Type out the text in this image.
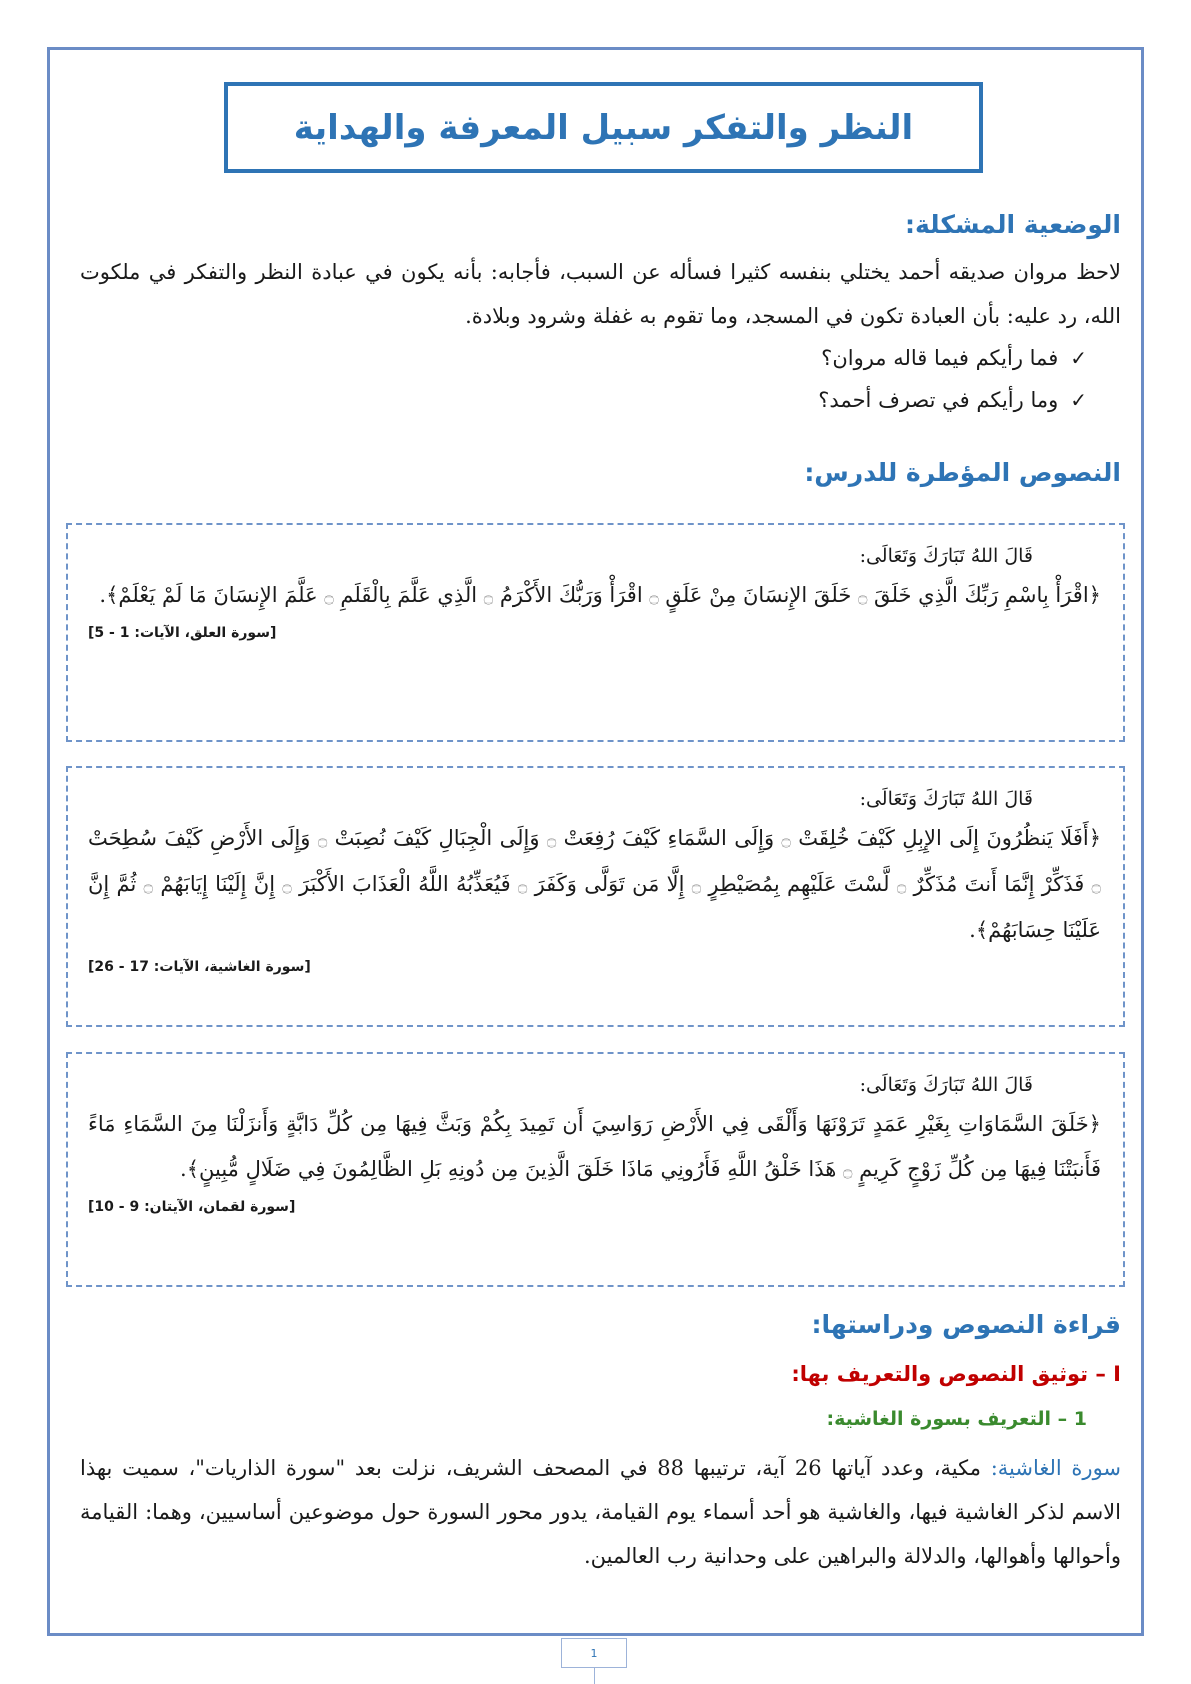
النظر والتفكر سبيل المعرفة والهداية
الوضعية المشكلة:
لاحظ مروان صديقه أحمد يختلي بنفسه كثيرا فسأله عن السبب، فأجابه: بأنه يكون في عبادة النظر والتفكر في ملكوت الله، رد عليه: بأن العبادة تكون في المسجد، وما تقوم به غفلة وشرود وبلادة.
✓
فما رأيكم فيما قاله مروان؟
✓
وما رأيكم في تصرف أحمد؟
النصوص المؤطرة للدرس:
قَالَ اللهُ تَبَارَكَ وَتَعَالَى:
﴿اقْرَأْ بِاسْمِ رَبِّكَ الَّذِي خَلَقَ ۝ خَلَقَ الإِنسَانَ مِنْ عَلَقٍ ۝ اقْرَأْ وَرَبُّكَ الأَكْرَمُ ۝ الَّذِي عَلَّمَ بِالْقَلَمِ ۝ عَلَّمَ الإِنسَانَ مَا لَمْ يَعْلَمْ﴾.
[سورة العلق، الآيات: 1 - 5]
قَالَ اللهُ تَبَارَكَ وَتَعَالَى:
﴿أَفَلَا يَنظُرُونَ إِلَى الإِبِلِ كَيْفَ خُلِقَتْ ۝ وَإِلَى السَّمَاءِ كَيْفَ رُفِعَتْ ۝ وَإِلَى الْجِبَالِ كَيْفَ نُصِبَتْ ۝ وَإِلَى الأَرْضِ كَيْفَ سُطِحَتْ ۝ فَذَكِّرْ إِنَّمَا أَنتَ مُذَكِّرٌ ۝ لَّسْتَ عَلَيْهِم بِمُصَيْطِرٍ ۝ إِلَّا مَن تَوَلَّى وَكَفَرَ ۝ فَيُعَذِّبُهُ اللَّهُ الْعَذَابَ الأَكْبَرَ ۝ إِنَّ إِلَيْنَا إِيَابَهُمْ ۝ ثُمَّ إِنَّ عَلَيْنَا حِسَابَهُمْ﴾.
[سورة الغاشية، الآيات: 17 - 26]
قَالَ اللهُ تَبَارَكَ وَتَعَالَى:
﴿خَلَقَ السَّمَاوَاتِ بِغَيْرِ عَمَدٍ تَرَوْنَهَا وَأَلْقَى فِي الأَرْضِ رَوَاسِيَ أَن تَمِيدَ بِكُمْ وَبَثَّ فِيهَا مِن كُلِّ دَابَّةٍ وَأَنزَلْنَا مِنَ السَّمَاءِ مَاءً فَأَنبَتْنَا فِيهَا مِن كُلِّ زَوْجٍ كَرِيمٍ ۝ هَذَا خَلْقُ اللَّهِ فَأَرُونِي مَاذَا خَلَقَ الَّذِينَ مِن دُونِهِ بَلِ الظَّالِمُونَ فِي ضَلَالٍ مُّبِينٍ﴾.
[سورة لقمان، الآيتان: 9 - 10]
قراءة النصوص ودراستها:
I – توثيق النصوص والتعريف بها:
1 – التعريف بسورة الغاشية:
سورة الغاشية: مكية، وعدد آياتها 26 آية، ترتيبها 88 في المصحف الشريف، نزلت بعد "سورة الذاريات"، سميت بهذا الاسم لذكر الغاشية فيها، والغاشية هو أحد أسماء يوم القيامة، يدور محور السورة حول موضوعين أساسيين، وهما: القيامة وأحوالها وأهوالها، والدلالة والبراهين على وحدانية رب العالمين.
1
